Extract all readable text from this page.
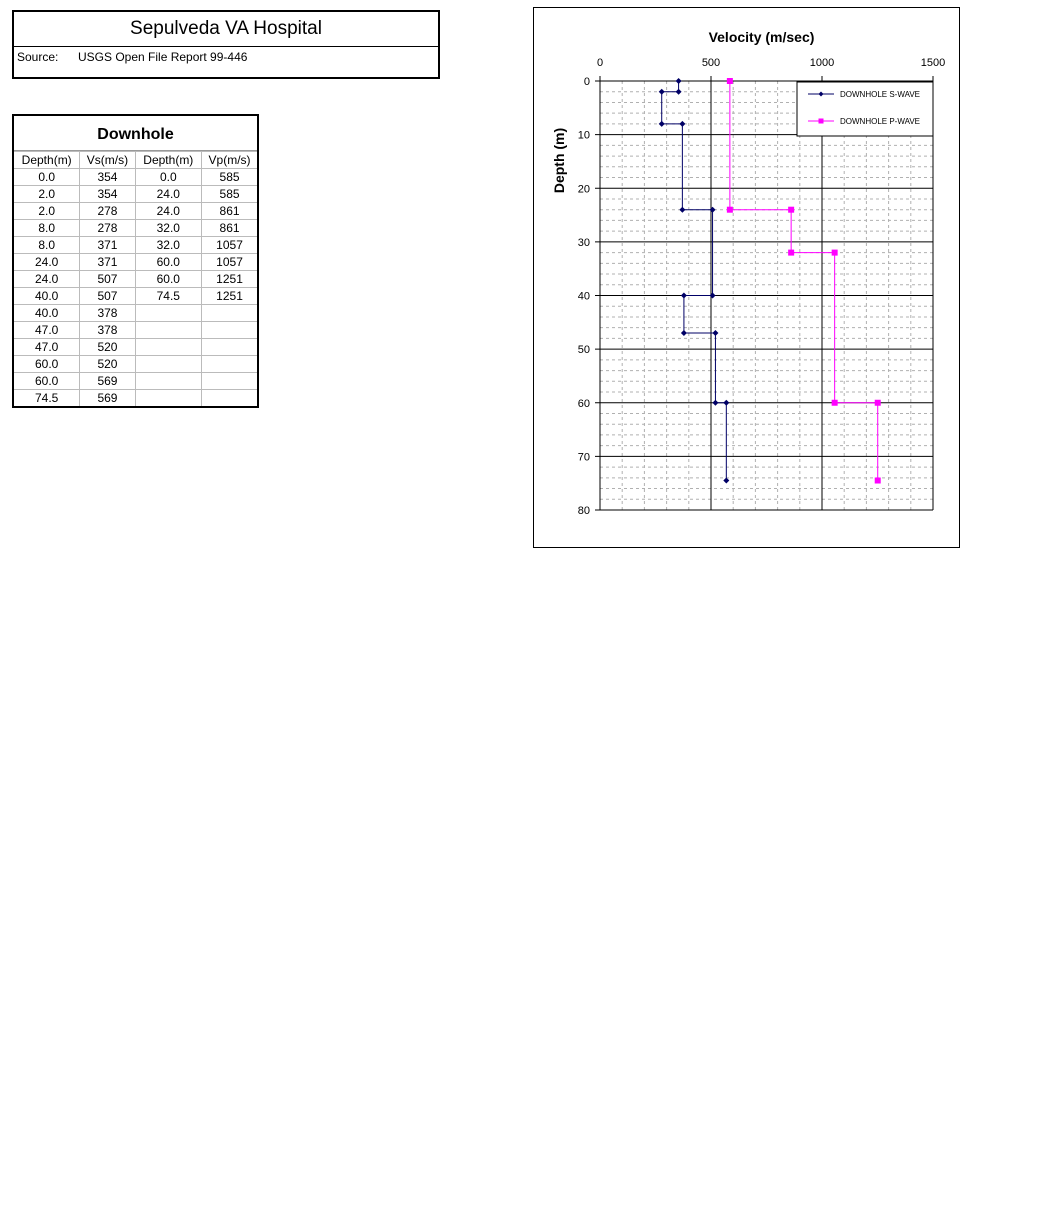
Sepulveda VA Hospital
Source: USGS Open File Report 99-446
Downhole
Depth(m)	Vs(m/s)	Depth(m)	Vp(m/s)
0.0	354	0.0	585
2.0	354	24.0	585
2.0	278	24.0	861
8.0	278	32.0	861
8.0	371	32.0	1057
24.0	371	60.0	1057
24.0	507	60.0	1251
40.0	507	74.5	1251
40.0	378		
47.0	378		
47.0	520		
60.0	520		
60.0	569		
74.5	569		
0	500	1000	1500
0
10
20
30
40
50
60
70
80
Velocity (m/sec)
Depth (m)
DOWNHOLE S-WAVE
DOWNHOLE P-WAVE
